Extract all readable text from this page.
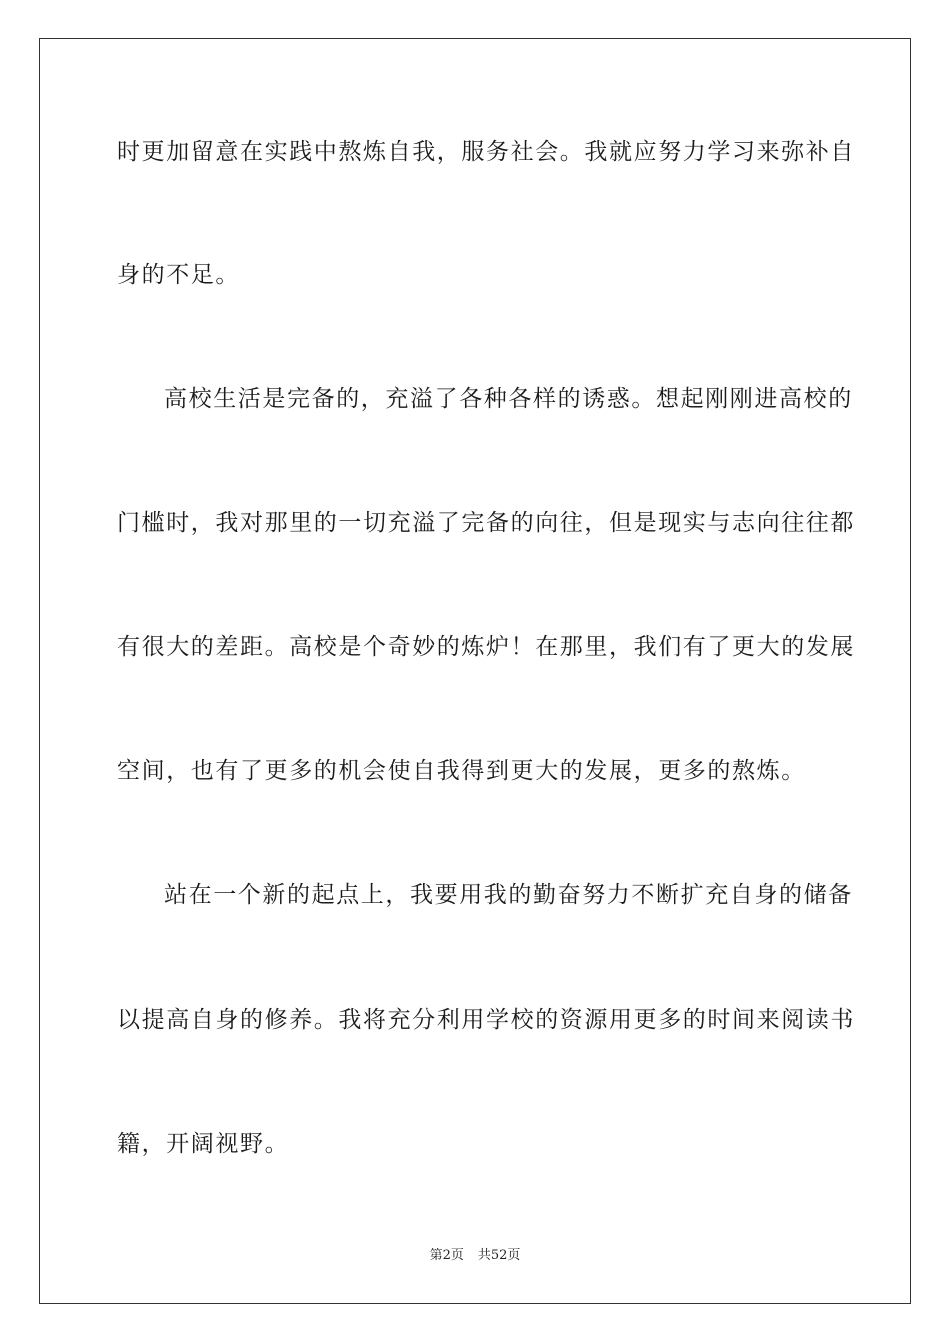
时更加留意在实践中熬炼自我，服务社会。我就应努力学习来弥补自
身的不足。
高校生活是完备的，充溢了各种各样的诱惑。想起刚刚进高校的
门槛时，我对那里的一切充溢了完备的向往，但是现实与志向往往都
有很大的差距。高校是个奇妙的炼炉！在那里，我们有了更大的发展
空间，也有了更多的机会使自我得到更大的发展，更多的熬炼。
站在一个新的起点上，我要用我的勤奋努力不断扩充自身的储备
以提高自身的修养。我将充分利用学校的资源用更多的时间来阅读书
籍，开阔视野。
第2页 共52页
